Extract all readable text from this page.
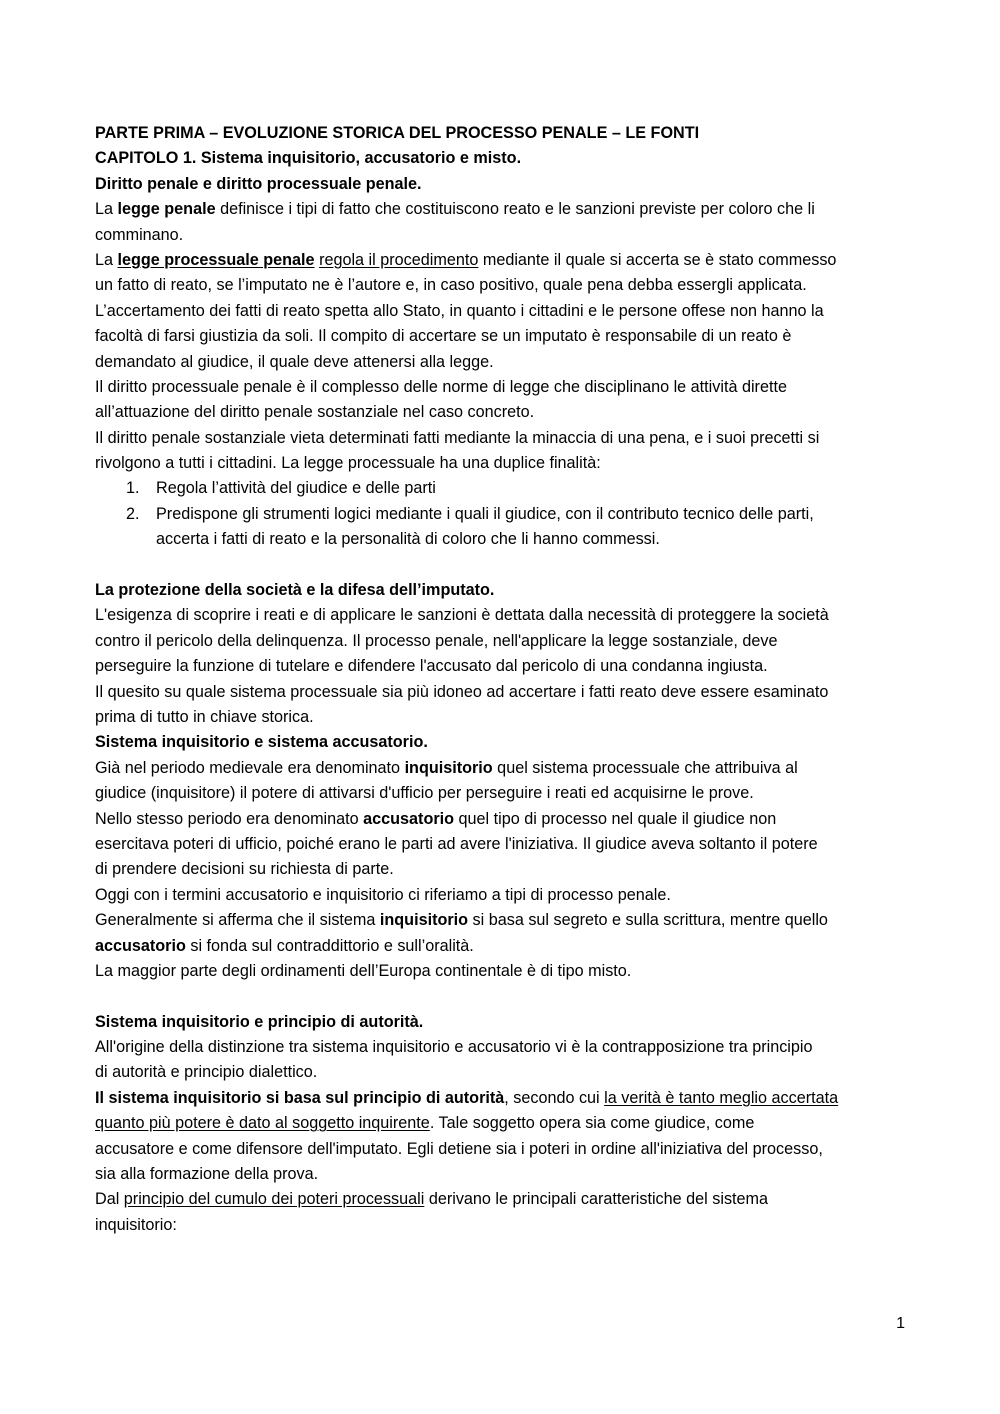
PARTE PRIMA – EVOLUZIONE STORICA DEL PROCESSO PENALE – LE FONTI
CAPITOLO 1. Sistema inquisitorio, accusatorio e misto.
Diritto penale e diritto processuale penale.
La legge penale definisce i tipi di fatto che costituiscono reato e le sanzioni previste per coloro che li
comminano.
La legge processuale penale regola il procedimento mediante il quale si accerta se è stato commesso
un fatto di reato, se l’imputato ne è l’autore e, in caso positivo, quale pena debba essergli applicata.
L’accertamento dei fatti di reato spetta allo Stato, in quanto i cittadini e le persone offese non hanno la
facoltà di farsi giustizia da soli. Il compito di accertare se un imputato è responsabile di un reato è
demandato al giudice, il quale deve attenersi alla legge.
Il diritto processuale penale è il complesso delle norme di legge che disciplinano le attività dirette
all’attuazione del diritto penale sostanziale nel caso concreto.
Il diritto penale sostanziale vieta determinati fatti mediante la minaccia di una pena, e i suoi precetti si
rivolgono a tutti i cittadini. La legge processuale ha una duplice finalità:
1. Regola l’attività del giudice e delle parti
2. Predispone gli strumenti logici mediante i quali il giudice, con il contributo tecnico delle parti,
accerta i fatti di reato e la personalità di coloro che li hanno commessi.
La protezione della società e la difesa dell’imputato.
L'esigenza di scoprire i reati e di applicare le sanzioni è dettata dalla necessità di proteggere la società
contro il pericolo della delinquenza. Il processo penale, nell'applicare la legge sostanziale, deve
perseguire la funzione di tutelare e difendere l'accusato dal pericolo di una condanna ingiusta.
Il quesito su quale sistema processuale sia più idoneo ad accertare i fatti reato deve essere esaminato
prima di tutto in chiave storica.
Sistema inquisitorio e sistema accusatorio.
Già nel periodo medievale era denominato inquisitorio quel sistema processuale che attribuiva al
giudice (inquisitore) il potere di attivarsi d'ufficio per perseguire i reati ed acquisirne le prove.
Nello stesso periodo era denominato accusatorio quel tipo di processo nel quale il giudice non
esercitava poteri di ufficio, poiché erano le parti ad avere l'iniziativa. Il giudice aveva soltanto il potere
di prendere decisioni su richiesta di parte.
Oggi con i termini accusatorio e inquisitorio ci riferiamo a tipi di processo penale.
Generalmente si afferma che il sistema inquisitorio si basa sul segreto e sulla scrittura, mentre quello
accusatorio si fonda sul contraddittorio e sull’oralità.
La maggior parte degli ordinamenti dell’Europa continentale è di tipo misto.
Sistema inquisitorio e principio di autorità.
All'origine della distinzione tra sistema inquisitorio e accusatorio vi è la contrapposizione tra principio
di autorità e principio dialettico.
Il sistema inquisitorio si basa sul principio di autorità, secondo cui la verità è tanto meglio accertata
quanto più potere è dato al soggetto inquirente. Tale soggetto opera sia come giudice, come
accusatore e come difensore dell'imputato. Egli detiene sia i poteri in ordine all'iniziativa del processo,
sia alla formazione della prova.
Dal principio del cumulo dei poteri processuali derivano le principali caratteristiche del sistema
inquisitorio:
1
